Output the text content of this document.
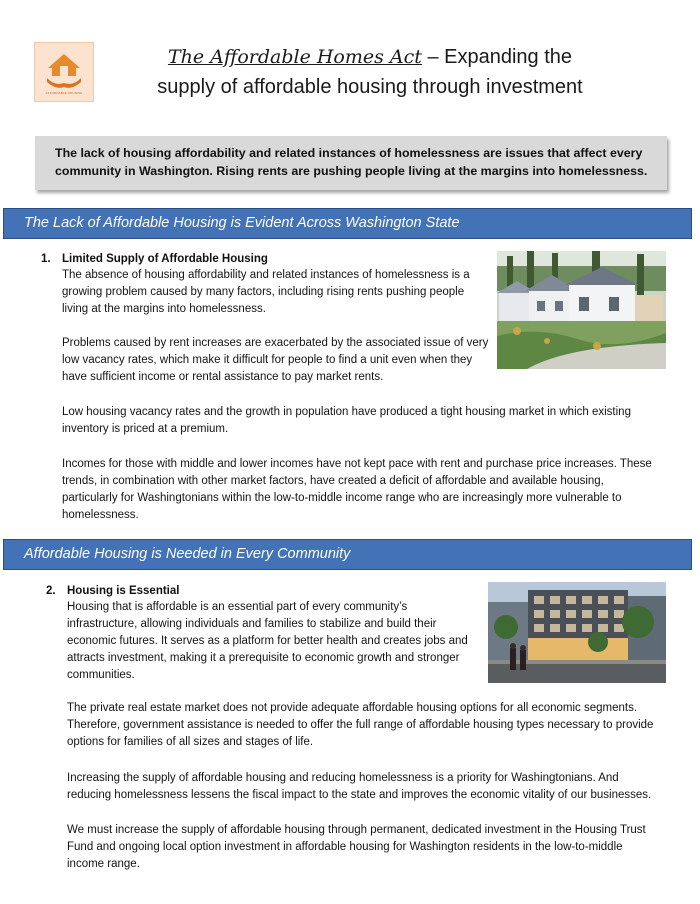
AFFORDABLE HOUSING
The Affordable Homes Act – Expanding the
supply of affordable housing through investment
The lack of housing affordability and related instances of homelessness are issues that affect every
community in Washington. Rising rents are pushing people living at the margins into homelessness.
The Lack of Affordable Housing is Evident Across Washington State
1. Limited Supply of Affordable Housing
The absence of housing affordability and related instances of homelessness is a
growing problem caused by many factors, including rising rents pushing people
living at the margins into homelessness.
Problems caused by rent increases are exacerbated by the associated issue of very
low vacancy rates, which make it difficult for people to find a unit even when they
have sufficient income or rental assistance to pay market rents.
Low housing vacancy rates and the growth in population have produced a tight housing market in which existing
inventory is priced at a premium.
Incomes for those with middle and lower incomes have not kept pace with rent and purchase price increases. These
trends, in combination with other market factors, have created a deficit of affordable and available housing,
particularly for Washingtonians within the low-to-middle income range who are increasingly more vulnerable to
homelessness.
Affordable Housing is Needed in Every Community
2. Housing is Essential
Housing that is affordable is an essential part of every community’s
infrastructure, allowing individuals and families to stabilize and build their
economic futures. It serves as a platform for better health and creates jobs and
attracts investment, making it a prerequisite to economic growth and stronger
communities.
The private real estate market does not provide adequate affordable housing options for all economic segments.
Therefore, government assistance is needed to offer the full range of affordable housing types necessary to provide
options for families of all sizes and stages of life.
Increasing the supply of affordable housing and reducing homelessness is a priority for Washingtonians. And
reducing homelessness lessens the fiscal impact to the state and improves the economic vitality of our businesses.
We must increase the supply of affordable housing through permanent, dedicated investment in the Housing Trust
Fund and ongoing local option investment in affordable housing for Washington residents in the low-to-middle
income range.
